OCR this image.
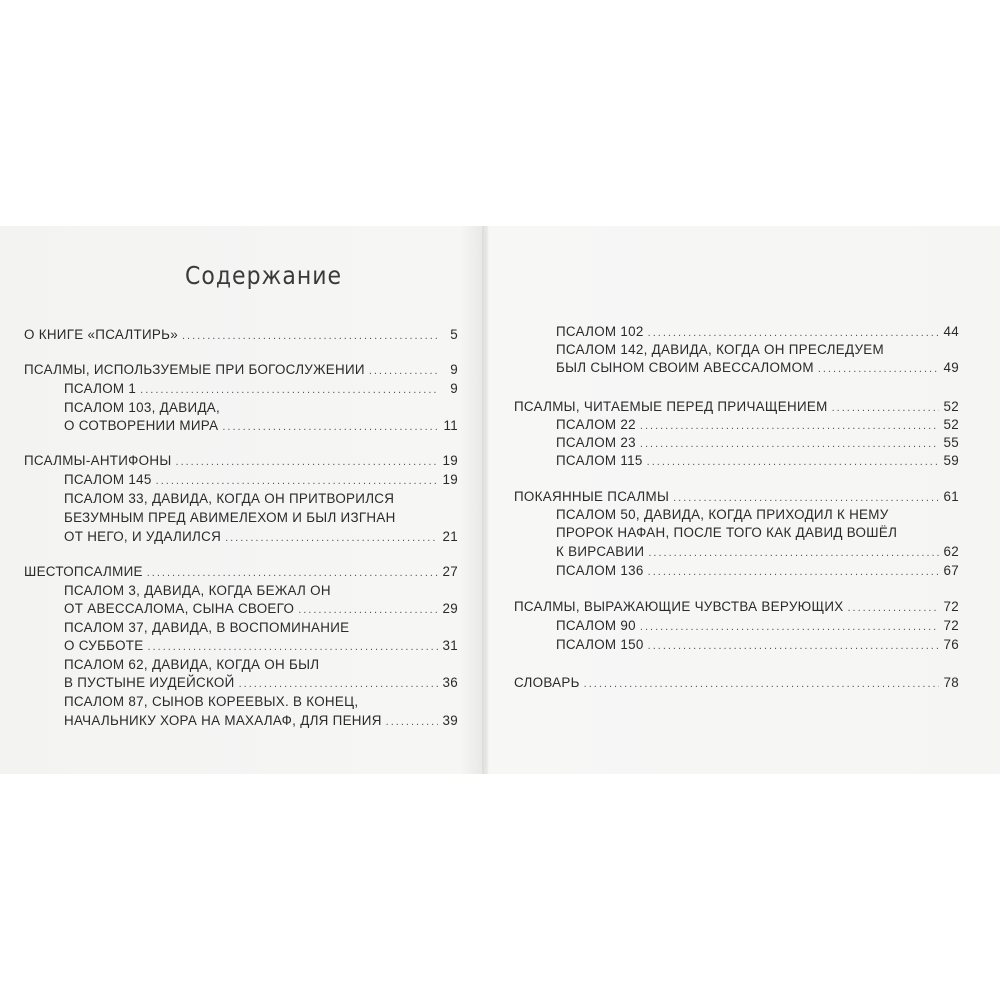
Содержание
О КНИГЕ «ПСАЛТИРЬ» .....	5
ПСАЛМЫ, ИСПОЛЬЗУЕМЫЕ ПРИ БОГОСЛУЖЕНИИ .....	9
ПСАЛОМ 1 .....	9
ПСАЛОМ 103, ДАВИДА,
О СОТВОРЕНИИ МИРА .....	11
ПСАЛМЫ-АНТИФОНЫ .....	19
ПСАЛОМ 145 .....	19
ПСАЛОМ 33, ДАВИДА, КОГДА ОН ПРИТВОРИЛСЯ
БЕЗУМНЫМ ПРЕД АВИМЕЛЕХОМ И БЫЛ ИЗГНАН
ОТ НЕГО, И УДАЛИЛСЯ .....	21
ШЕСТОПСАЛМИЕ .....	27
ПСАЛОМ 3, ДАВИДА, КОГДА БЕЖАЛ ОН
ОТ АВЕССАЛОМА, СЫНА СВОЕГО .....	29
ПСАЛОМ 37, ДАВИДА, В ВОСПОМИНАНИЕ
О СУББОТЕ .....	31
ПСАЛОМ 62, ДАВИДА, КОГДА ОН БЫЛ
В ПУСТЫНЕ ИУДЕЙСКОЙ .....	36
ПСАЛОМ 87, СЫНОВ КОРЕЕВЫХ. В КОНЕЦ,
НАЧАЛЬНИКУ ХОРА НА МАХАЛАФ, ДЛЯ ПЕНИЯ .....	39
ПСАЛОМ 102 .....	44
ПСАЛОМ 142, ДАВИДА, КОГДА ОН ПРЕСЛЕДУЕМ
БЫЛ СЫНОМ СВОИМ АВЕССАЛОМОМ .....	49
ПСАЛМЫ, ЧИТАЕМЫЕ ПЕРЕД ПРИЧАЩЕНИЕМ .....	52
ПСАЛОМ 22 .....	52
ПСАЛОМ 23 .....	55
ПСАЛОМ 115 .....	59
ПОКАЯННЫЕ ПСАЛМЫ .....	61
ПСАЛОМ 50, ДАВИДА, КОГДА ПРИХОДИЛ К НЕМУ
ПРОРОК НАФАН, ПОСЛЕ ТОГО КАК ДАВИД ВОШЁЛ
К ВИРСАВИИ .....	62
ПСАЛОМ 136 .....	67
ПСАЛМЫ, ВЫРАЖАЮЩИЕ ЧУВСТВА ВЕРУЮЩИХ .....	72
ПСАЛОМ 90 .....	72
ПСАЛОМ 150 .....	76
СЛОВАРЬ .....	78
